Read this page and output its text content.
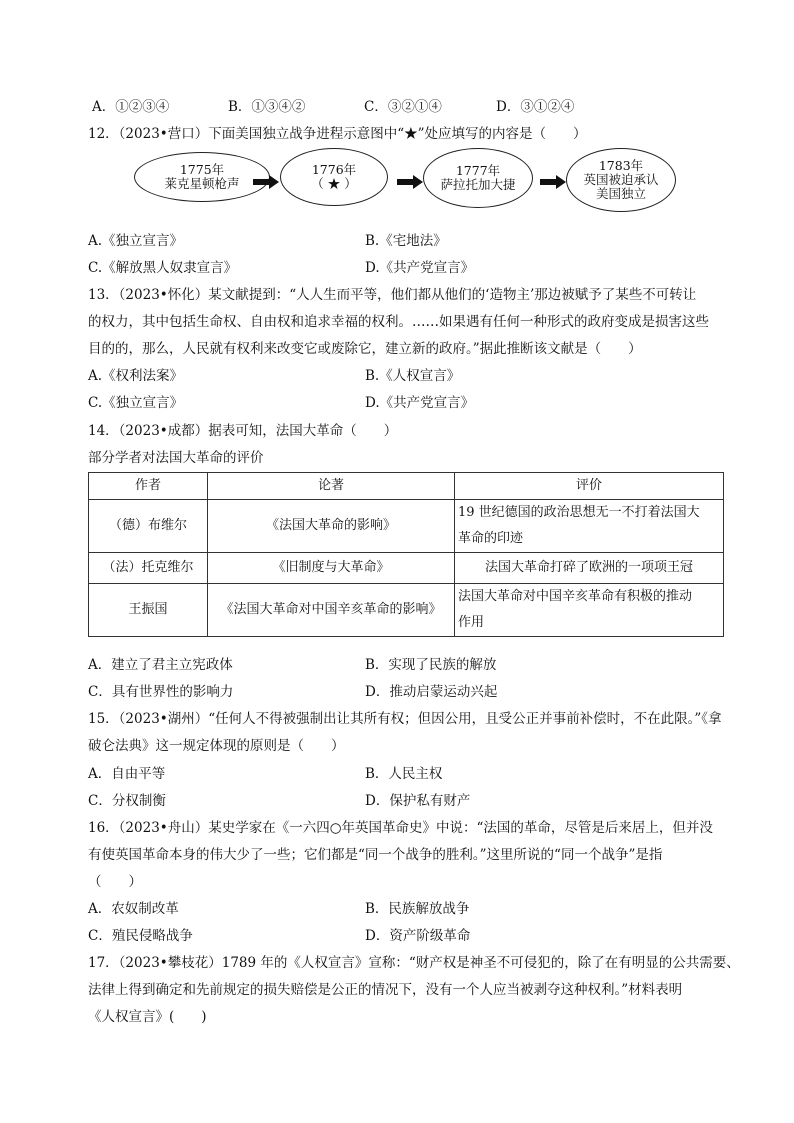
A．①②③④	B．①③④②	C．③②①④	D．③①②④
12．（2023•营口）下面美国独立战争进程示意图中“★”处应填写的内容是（　　）
1775年
莱克星顿枪声
1776年
（ ★ ）
1777年
萨拉托加大捷
1783年
英国被迫承认
美国独立
A.《独立宣言》	B.《宅地法》
C.《解放黑人奴隶宣言》	D.《共产党宣言》
13．（2023•怀化）某文献提到：“人人生而平等，他们都从他们的‘造物主’那边被赋予了某些不可转让
的权力，其中包括生命权、自由权和追求幸福的权利。……如果遇有任何一种形式的政府变成是损害这些
目的的，那么，人民就有权利来改变它或废除它，建立新的政府。”据此推断该文献是（　　）
A.《权利法案》	B.《人权宣言》
C.《独立宣言》	D.《共产党宣言》
14．（2023•成都）据表可知，法国大革命（　　）
部分学者对法国大革命的评价
作者	论著	评价
（德）布维尔	《法国大革命的影响》	19 世纪德国的政治思想无一不打着法国大
革命的印迹

（法）托克维尔	《旧制度与大革命》	法国大革命打碎了欧洲的一项项王冠
王振国	《法国大革命对中国辛亥革命的影响》	法国大革命对中国辛亥革命有积极的推动
作用
A．建立了君主立宪政体	B．实现了民族的解放
C．具有世界性的影响力	D．推动启蒙运动兴起
15．（2023•湖州）“任何人不得被强制出让其所有权；但因公用，且受公正并事前补偿时，不在此限。”《拿
破仑法典》这一规定体现的原则是（　　）
A．自由平等	B．人民主权
C．分权制衡	D．保护私有财产
16．（2023•舟山）某史学家在《一六四○年英国革命史》中说：“法国的革命，尽管是后来居上，但并没
有使英国革命本身的伟大少了一些；它们都是“同一个战争的胜利。”这里所说的“同一个战争”是指
（　　）
A．农奴制改革	B．民族解放战争
C．殖民侵略战争	D．资产阶级革命
17．（2023•攀枝花）1789 年的《人权宣言》宣称：“财产权是神圣不可侵犯的，除了在有明显的公共需要、
法律上得到确定和先前规定的损失赔偿是公正的情况下，没有一个人应当被剥夺这种权利。”材料表明
《人权宣言》(　　)
